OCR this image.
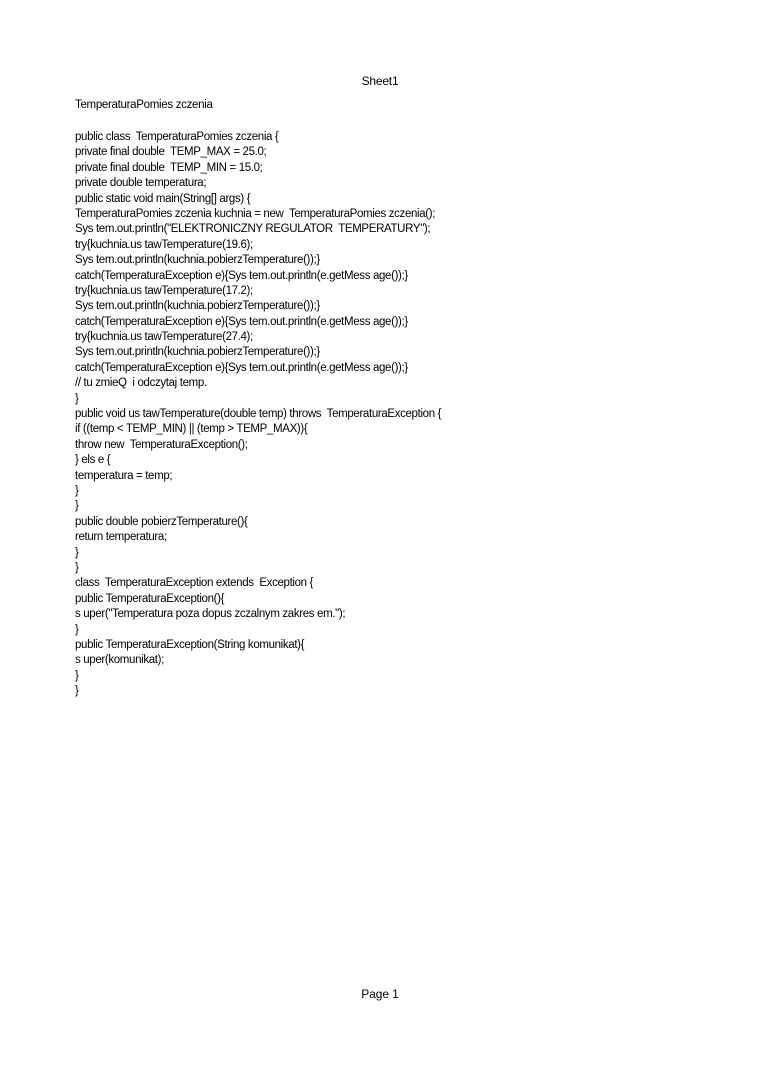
Sheet1
TemperaturaPomies zczenia
public class  TemperaturaPomies zczenia {
private final double  TEMP_MAX = 25.0;
private final double  TEMP_MIN = 15.0;
private double temperatura;
public static void main(String[] args) {
TemperaturaPomies zczenia kuchnia = new  TemperaturaPomies zczenia();
Sys tem.out.println("ELEKTRONICZNY REGULATOR  TEMPERATURY");
try{kuchnia.us tawTemperature(19.6);
Sys tem.out.println(kuchnia.pobierzTemperature());}
catch(TemperaturaException e){Sys tem.out.println(e.getMess age());}
try{kuchnia.us tawTemperature(17.2);
Sys tem.out.println(kuchnia.pobierzTemperature());}
catch(TemperaturaException e){Sys tem.out.println(e.getMess age());}
try{kuchnia.us tawTemperature(27.4);
Sys tem.out.println(kuchnia.pobierzTemperature());}
catch(TemperaturaException e){Sys tem.out.println(e.getMess age());}
// tu zmieQ  i odczytaj temp.
}
public void us tawTemperature(double temp) throws  TemperaturaException {
if ((temp < TEMP_MIN) || (temp > TEMP_MAX)){
throw new  TemperaturaException();
} els e {
temperatura = temp;
}
}
public double pobierzTemperature(){
return temperatura;
}
}
class  TemperaturaException extends  Exception {
public TemperaturaException(){
s uper("Temperatura poza dopus zczalnym zakres em.");
}
public TemperaturaException(String komunikat){
s uper(komunikat);
}
}
Page 1
